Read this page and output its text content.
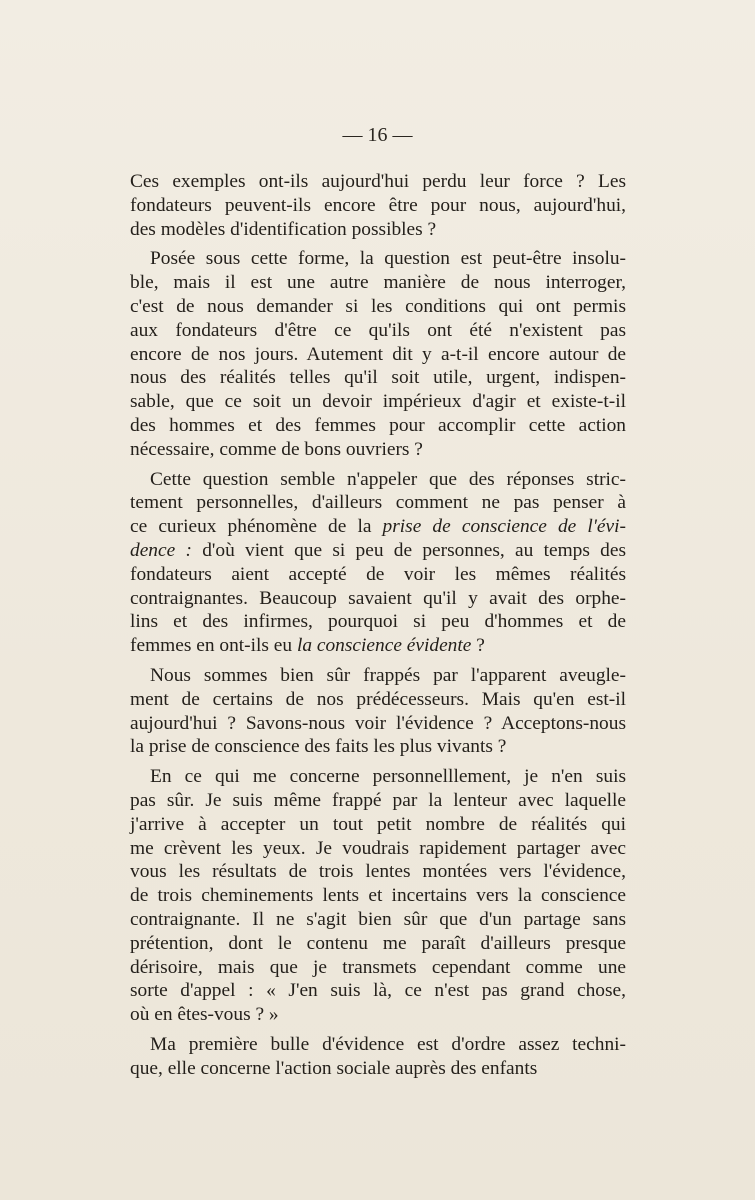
— 16 —
Ces exemples ont-ils aujourd'hui perdu leur force ? Les
fondateurs peuvent-ils encore être pour nous, aujourd'hui,
des modèles d'identification possibles ?
Posée sous cette forme, la question est peut-être insolu-
ble, mais il est une autre manière de nous interroger,
c'est de nous demander si les conditions qui ont permis
aux fondateurs d'être ce qu'ils ont été n'existent pas
encore de nos jours. Autement dit y a-t-il encore autour de
nous des réalités telles qu'il soit utile, urgent, indispen-
sable, que ce soit un devoir impérieux d'agir et existe-t-il
des hommes et des femmes pour accomplir cette action
nécessaire, comme de bons ouvriers ?
Cette question semble n'appeler que des réponses stric-
tement personnelles, d'ailleurs comment ne pas penser à
ce curieux phénomène de la prise de conscience de l'évi-
dence : d'où vient que si peu de personnes, au temps des
fondateurs aient accepté de voir les mêmes réalités
contraignantes. Beaucoup savaient qu'il y avait des orphe-
lins et des infirmes, pourquoi si peu d'hommes et de
femmes en ont-ils eu la conscience évidente ?
Nous sommes bien sûr frappés par l'apparent aveugle-
ment de certains de nos prédécesseurs. Mais qu'en est-il
aujourd'hui ? Savons-nous voir l'évidence ? Acceptons-nous
la prise de conscience des faits les plus vivants ?
En ce qui me concerne personnelllement, je n'en suis
pas sûr. Je suis même frappé par la lenteur avec laquelle
j'arrive à accepter un tout petit nombre de réalités qui
me crèvent les yeux. Je voudrais rapidement partager avec
vous les résultats de trois lentes montées vers l'évidence,
de trois cheminements lents et incertains vers la conscience
contraignante. Il ne s'agit bien sûr que d'un partage sans
prétention, dont le contenu me paraît d'ailleurs presque
dérisoire, mais que je transmets cependant comme une
sorte d'appel : « J'en suis là, ce n'est pas grand chose,
où en êtes-vous ? »
Ma première bulle d'évidence est d'ordre assez techni-
que, elle concerne l'action sociale auprès des enfants
